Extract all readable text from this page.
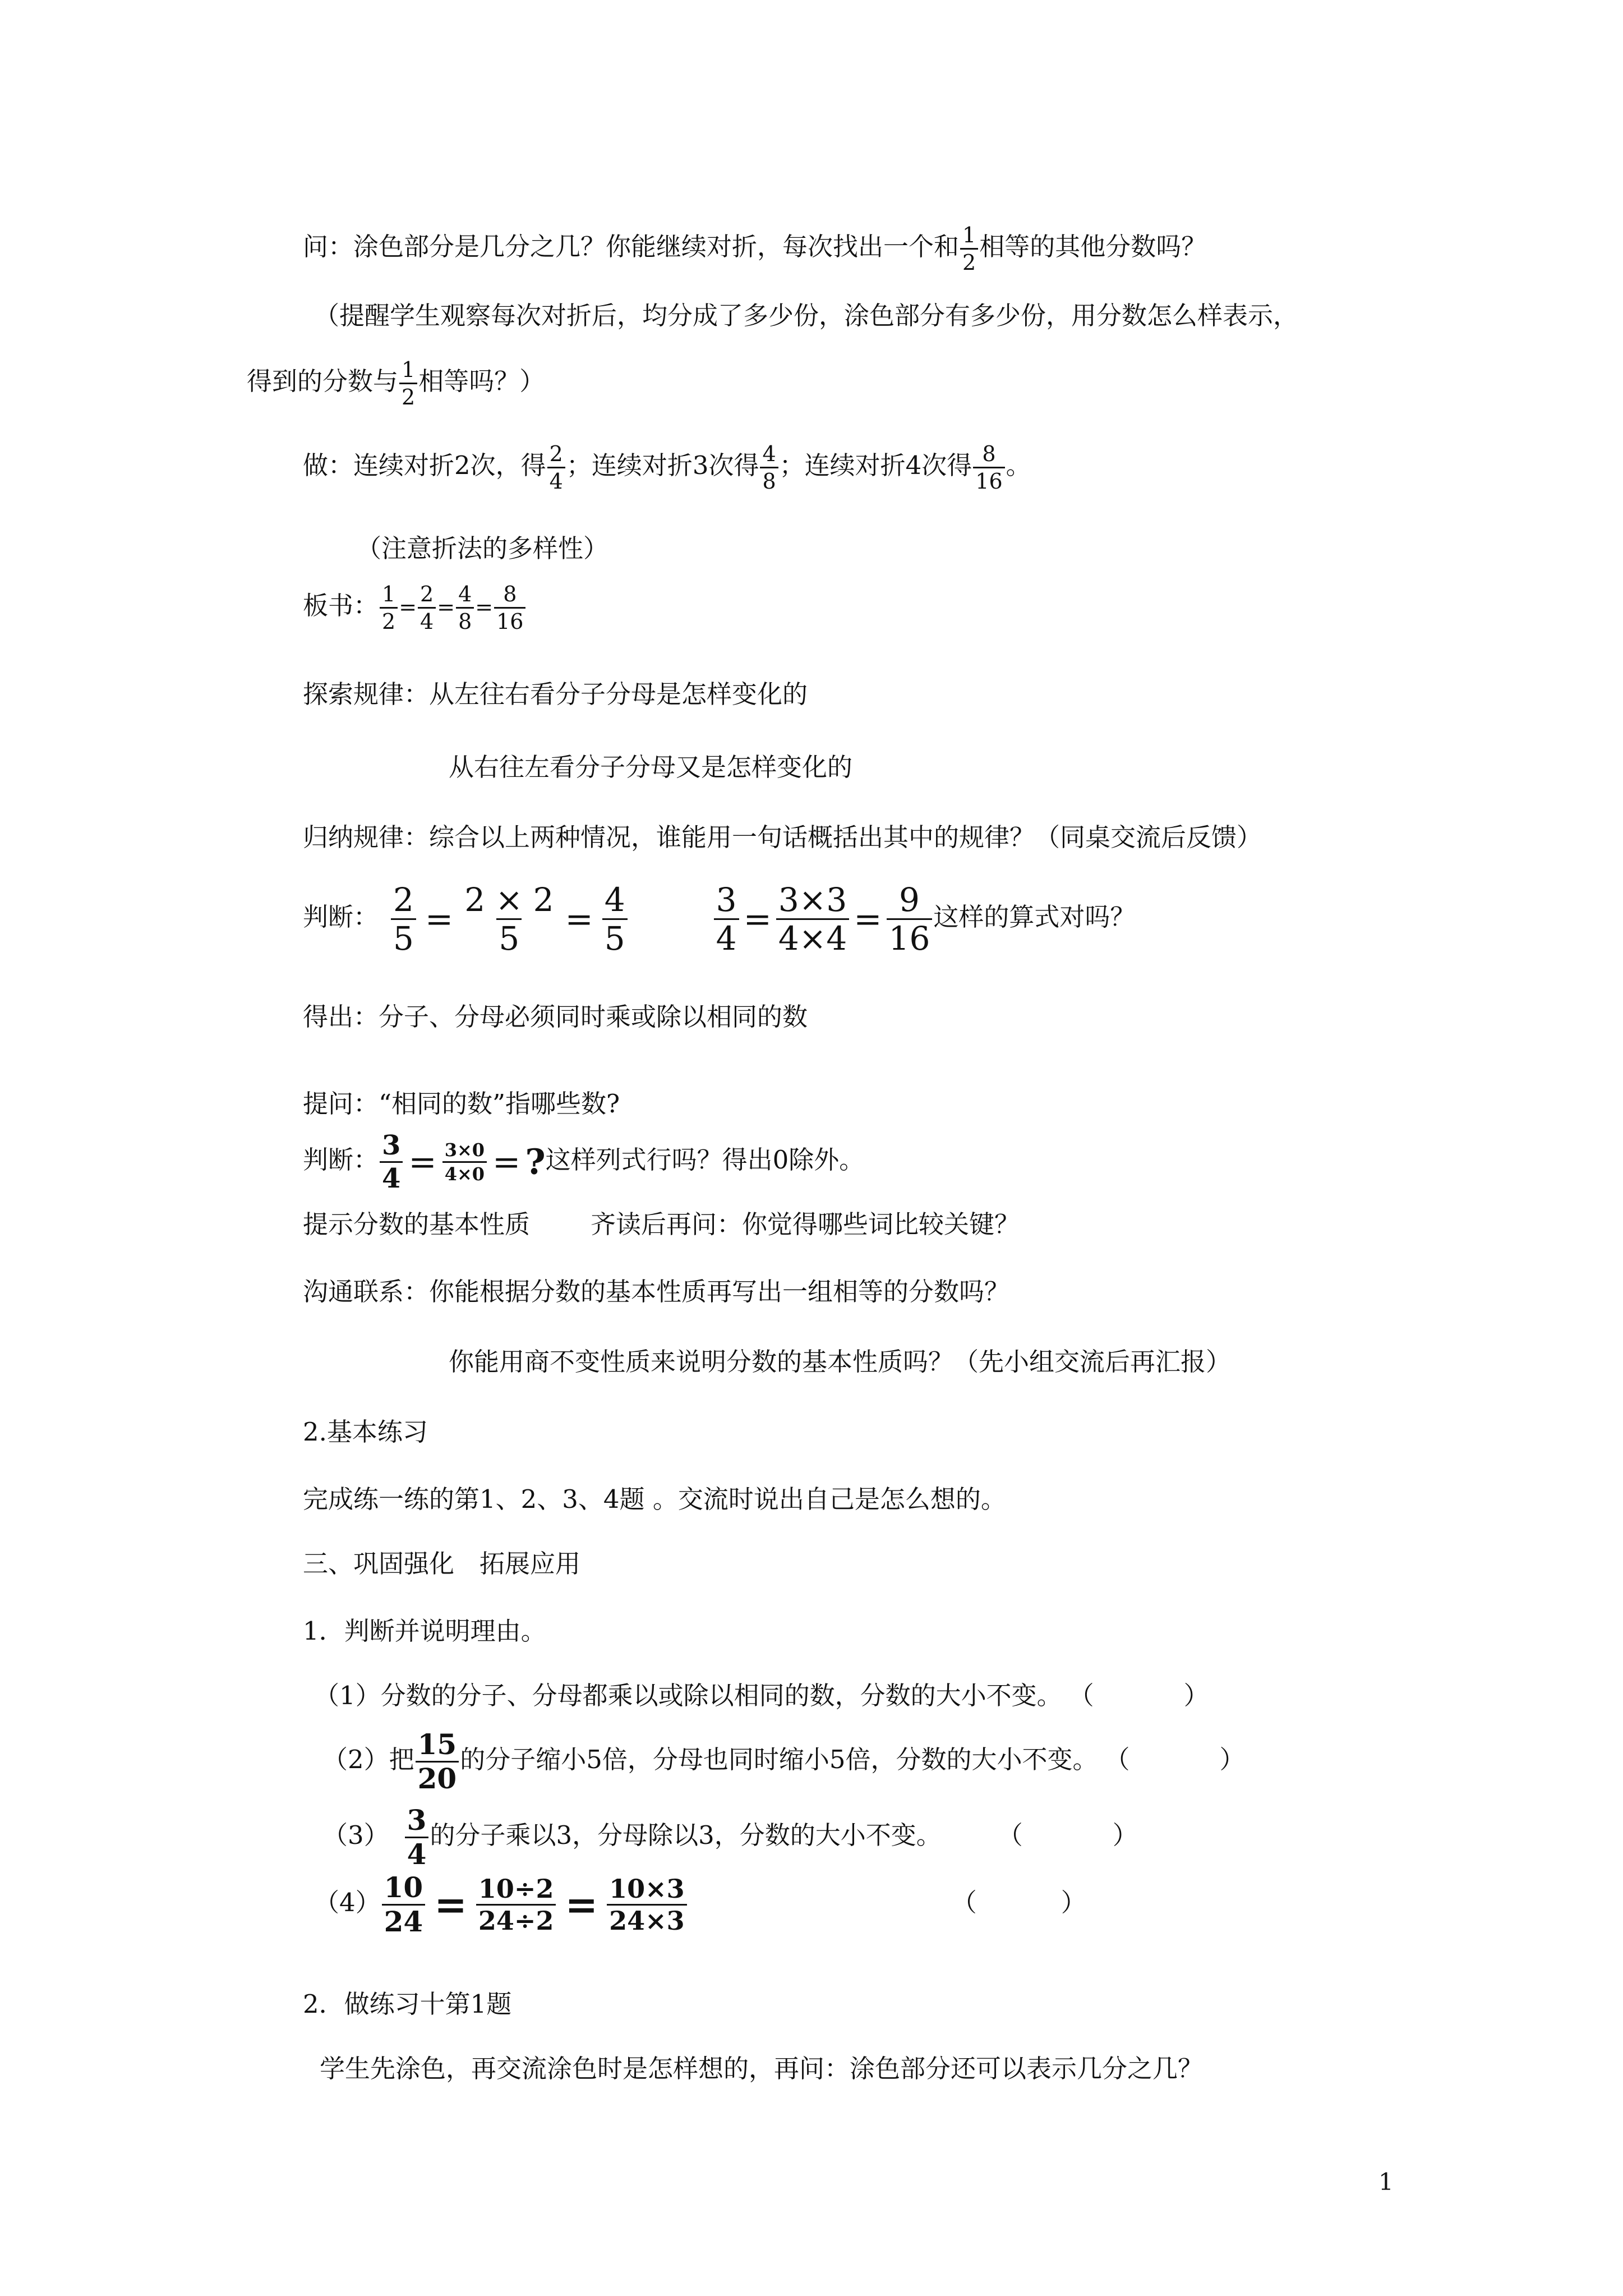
问：涂色部分是几分之几？你能继续对折，每次找出一个和 $\frac{1}{2}$ 相等的其他分数吗？
（提醒学生观察每次对折后，均分成了多少份，涂色部分有多少份，用分数怎么样表示，
得到的分数与 $\frac{1}{2}$ 相等吗？）
做：连续对折2次，得 $\frac{2}{4}$ ；连续对折3次得 $\frac{4}{8}$ ；连续对折4次得 $\frac{8}{16}$ 。
（注意折法的多样性）
板书： $\frac{1}{2} = \frac{2}{4} = \frac{4}{8} = \frac{8}{16}$
探索规律：从左往右看分子分母是怎样变化的
从右往左看分子分母又是怎样变化的
归纳规律：综合以上两种情况，谁能用一句话概括出其中的规律？（同桌交流后反馈）
判断： $\frac{2}{5} = \frac{2 \times 2}{5} = \frac{4}{5}$	$\frac{3}{4} = \frac{3\times 3}{4\times 4} = \frac{9}{16}$ 这样的算式对吗？
得出：分子、分母必须同时乘或除以相同的数
提问：“相同的数”指哪些数?
判断： $\frac{3}{4} = \frac{3\times 0}{4\times 0}$ = ?这样列式行吗？得出0除外。
提示分数的基本性质 齐读后再问：你觉得哪些词比较关键？
沟通联系：你能根据分数的基本性质再写出一组相等的分数吗？
你能用商不变性质来说明分数的基本性质吗？（先小组交流后再汇报）
2.基本练习
完成练一练的第1、2、3、4题 。交流时说出自己是怎么想的。
三、巩固强化　拓展应用
1．判断并说明理由。
（1）分数的分子、分母都乘以或除以相同的数，分数的大小不变。 （	）
（2）把 $\frac{15}{20}$ 的分子缩小5倍，分母也同时缩小5倍，分数的大小不变。 （	）
$(3) \frac{3}{4}$ 的分子乘以3，分母除以3，分数的大小不变。 （	）
$(4) \frac{10}{24} = \frac{10\div 2}{24\div 2} = \frac{10\times 3}{24\times 3}$	（	）
2．做练习十第1题
学生先涂色，再交流涂色时是怎样想的，再问：涂色部分还可以表示几分之几？
1
